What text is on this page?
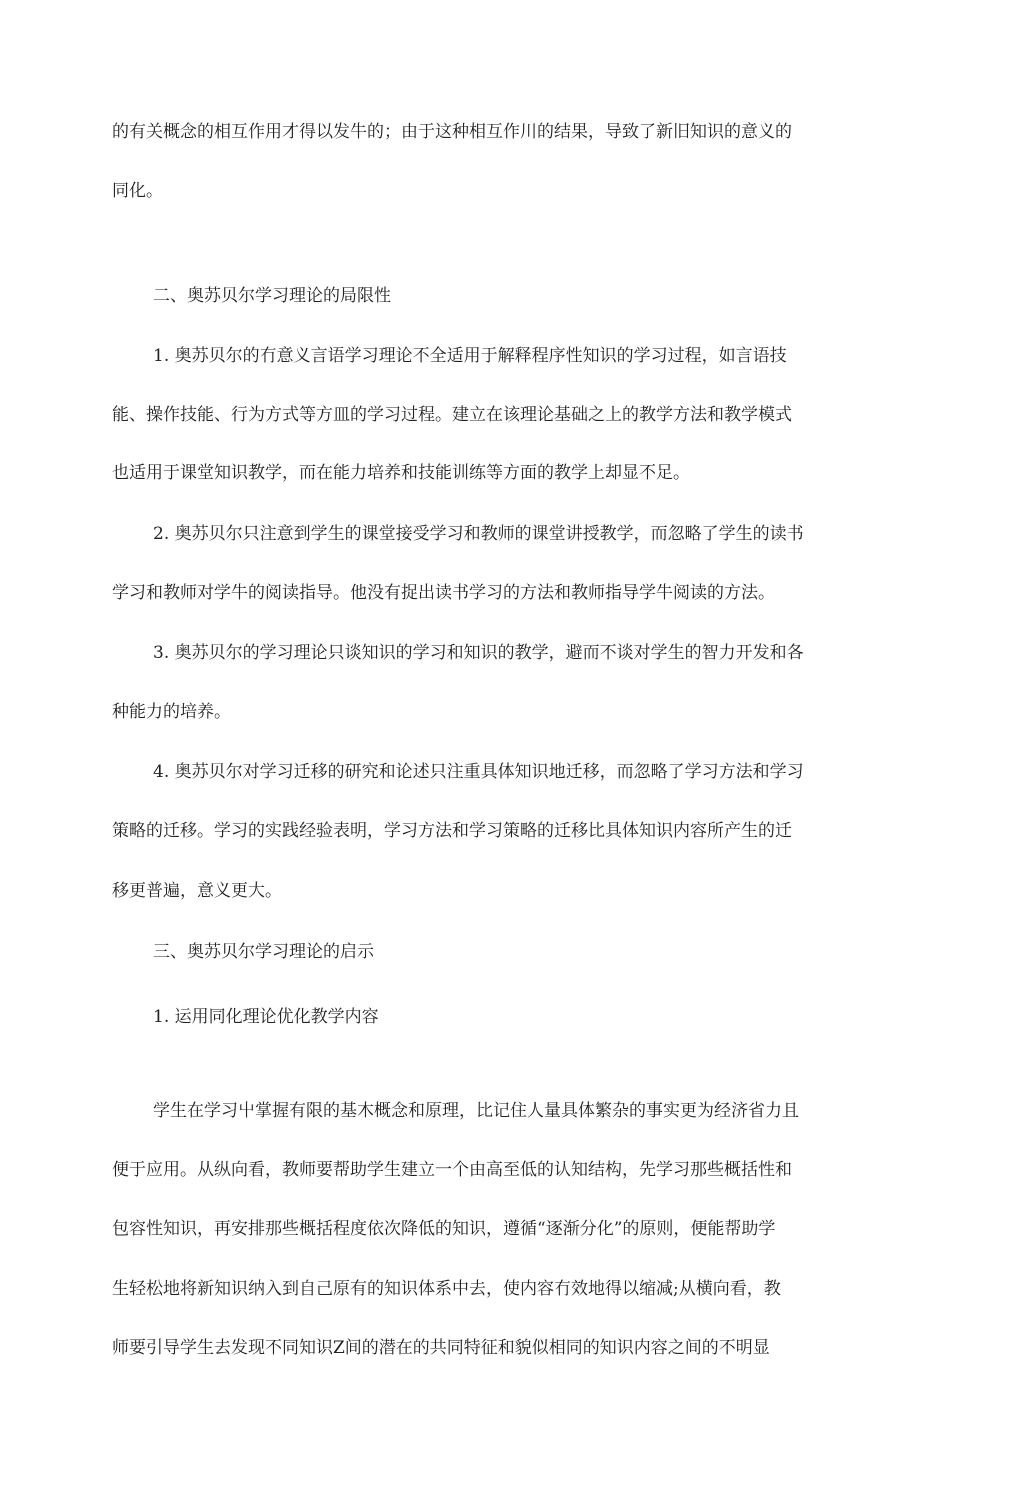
的有关概念的相互作用才得以发牛的；由于这种相互作川的结果，导致了新旧知识的意义的

同化。

二、奥苏贝尔学习理论的局限性

1. 奥苏贝尔的冇意义言语学习理论不全适用于解释程序性知识的学习过程，如言语技

能、操作技能、行为方式等方皿的学习过程。建立在该理论基础之上的教学方法和教学模式

也适用于课堂知识教学，而在能力培养和技能训练等方面的教学上却显不足。

2. 奥苏贝尔只注意到学生的课堂接受学习和教师的课堂讲授教学，而忽略了学生的读书

学习和教师对学牛的阅读指导。他没有捉出读书学习的方法和教师指导学牛阅读的方法。

3. 奥苏贝尔的学习理论只谈知识的学习和知识的教学，避而不谈对学生的智力开发和各

种能力的培养。

4. 奥苏贝尔对学习迁移的研究和论述只注重具体知识地迁移，而忽略了学习方法和学习

策略的迁移。学习的实践经验表明，学习方法和学习策略的迁移比具体知识内容所产生的迁

移更普遍，意义更大。

三、奥苏贝尔学习理论的启示

1. 运用同化理论优化教学内容

学生在学习屮掌握有限的基木概念和原理，比记住人量具体繁杂的事实更为经济省力且

便于应用。从纵向看，教师要帮助学生建立一个由高至低的认知结构，先学习那些概括性和

包容性知识，再安排那些概括程度依次降低的知识，遵循“逐渐分化”的原则，便能帮助学

生轻松地将新知识纳入到自己原有的知识体系中去，使内容冇效地得以缩减;从横向看，教

师要引导学生去发现不同知识Z间的潜在的共同特征和貌似相同的知识内容之间的不明显
